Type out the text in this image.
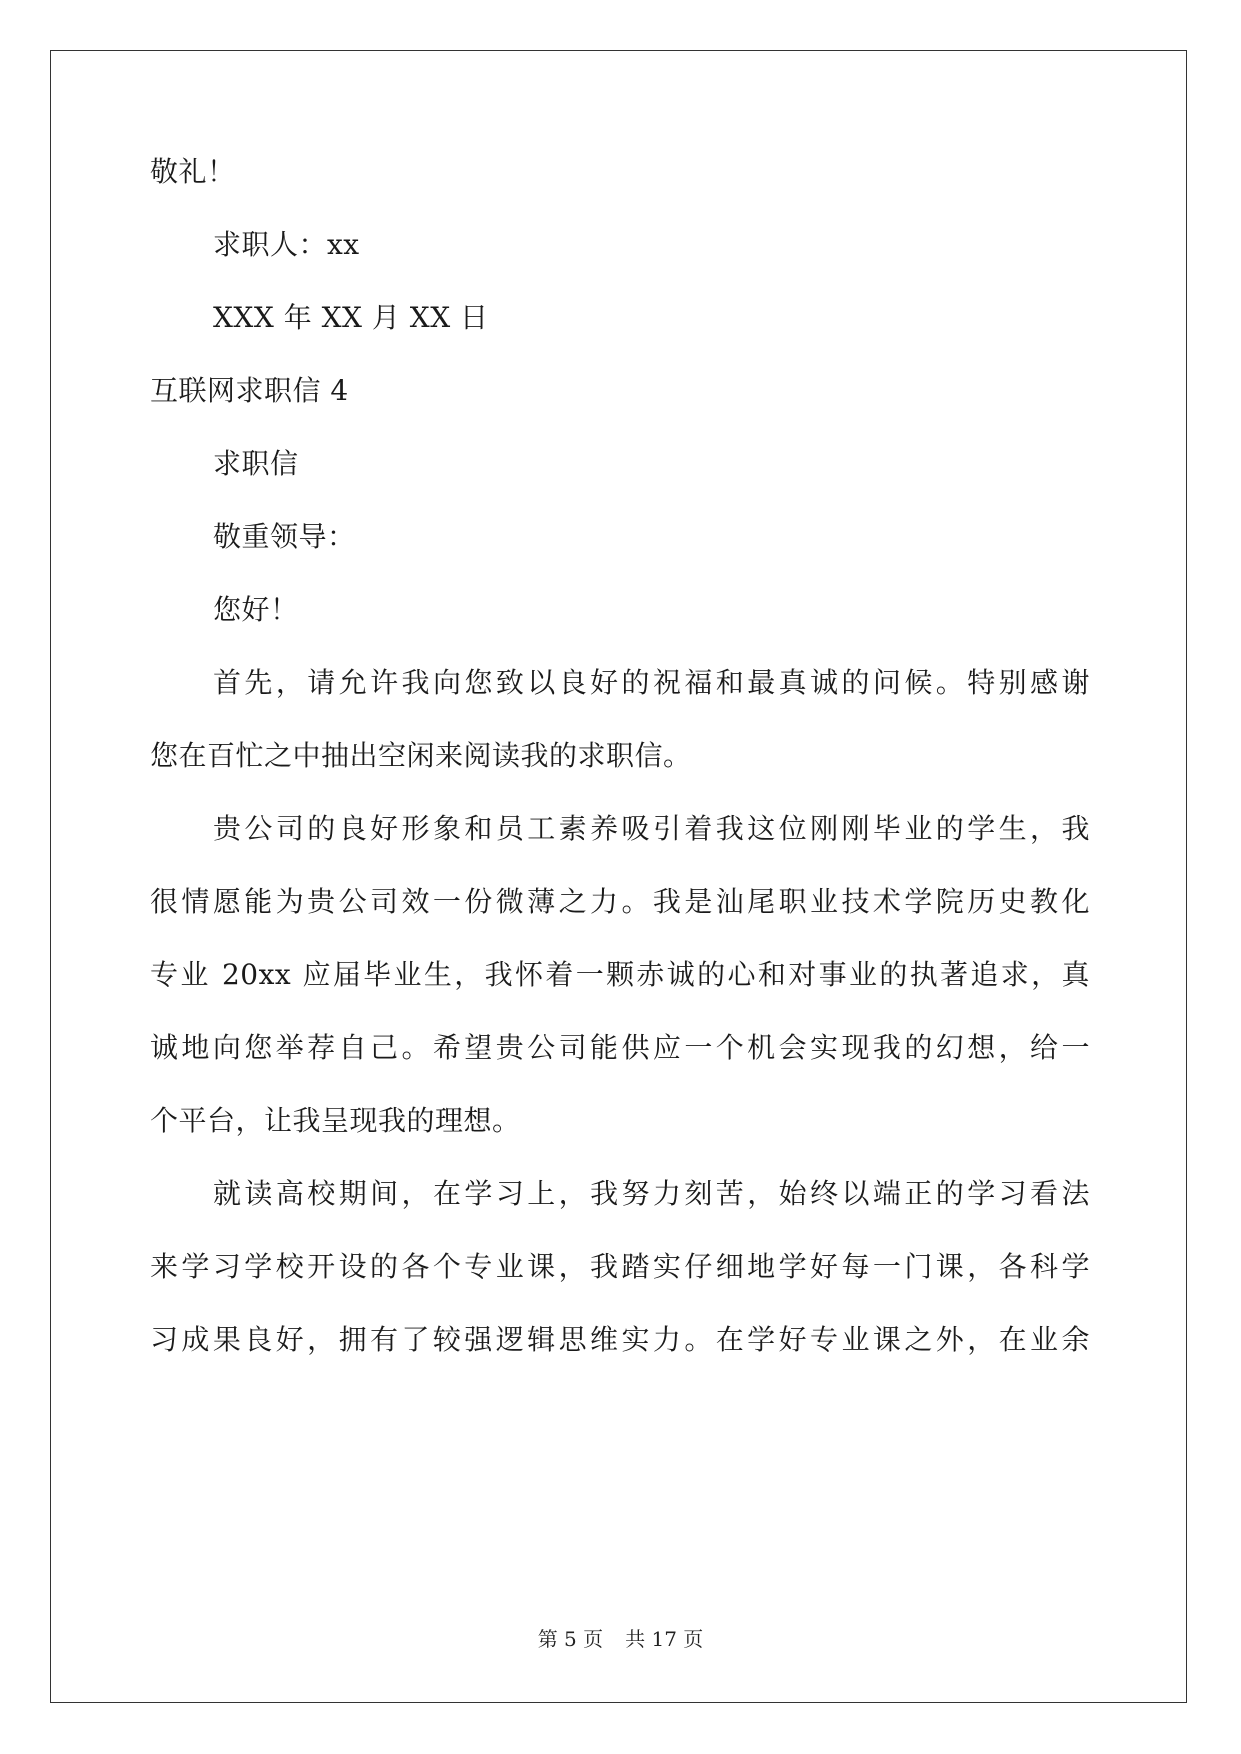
敬礼！
求职人：xx
XXX 年 XX 月 XX 日
互联网求职信 4
求职信
敬重领导：
您好！
首先，请允许我向您致以良好的祝福和最真诚的问候。特别感谢
您在百忙之中抽出空闲来阅读我的求职信。
贵公司的良好形象和员工素养吸引着我这位刚刚毕业的学生，我
很情愿能为贵公司效一份微薄之力。我是汕尾职业技术学院历史教化
专业 20xx 应届毕业生，我怀着一颗赤诚的心和对事业的执著追求，真
诚地向您举荐自己。希望贵公司能供应一个机会实现我的幻想，给一
个平台，让我呈现我的理想。
就读高校期间，在学习上，我努力刻苦，始终以端正的学习看法
来学习学校开设的各个专业课，我踏实仔细地学好每一门课，各科学
习成果良好，拥有了较强逻辑思维实力。在学好专业课之外，在业余
第 5 页 共 17 页
